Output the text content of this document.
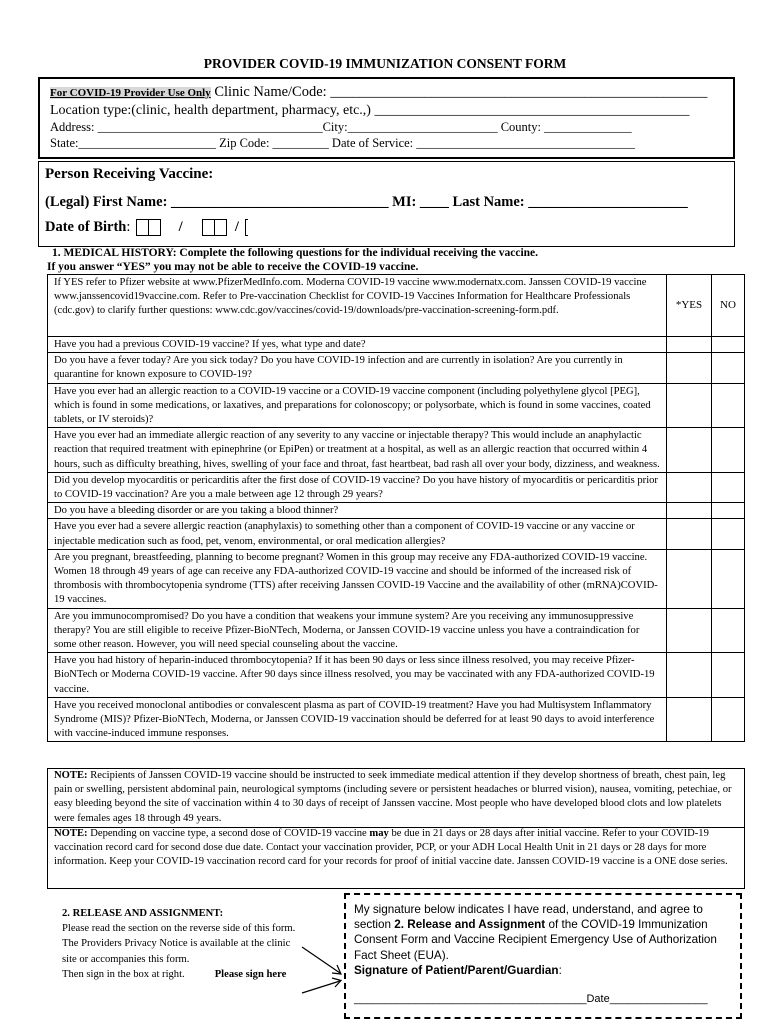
PROVIDER COVID-19 IMMUNIZATION CONSENT FORM
For COVID-19 Provider Use Only Clinic Name/Code: ____________________________________________________
Location type:(clinic, health department, pharmacy, etc.,) _____________________________________________
Address: ____________________________________City:________________________ County: ______________
State:______________________ Zip Code: _________ Date of Service: ___________________________________
Person Receiving Vaccine:
(Legal) First Name: ______________________________ MI: ____ Last Name: ______________________
Date of Birth:	/	/
1. MEDICAL HISTORY: Complete the following questions for the individual receiving the vaccine.
If you answer “YES” you may not be able to receive the COVID-19 vaccine.
If YES refer to Pfizer website at www.PfizerMedInfo.com. Moderna COVID-19 vaccine www.modernatx.com. Janssen COVID-19 vaccine www.janssencovid19vaccine.com. Refer to Pre-vaccination Checklist for COVID-19 Vaccines Information for Healthcare Professionals (cdc.gov) to clarify further questions: www.cdc.gov/vaccines/covid-19/downloads/pre-vaccination-screening-form.pdf.	*YES	NO
Have you had a previous COVID-19 vaccine? If yes, what type and date?		
Do you have a fever today? Are you sick today? Do you have COVID-19 infection and are currently in isolation? Are you currently in quarantine for known exposure to COVID-19?		
Have you ever had an allergic reaction to a COVID-19 vaccine or a COVID-19 vaccine component (including polyethylene glycol [PEG], which is found in some medications, or laxatives, and preparations for colonoscopy; or polysorbate, which is found in some vaccines, coated tablets, or IV steroids)?		
Have you ever had an immediate allergic reaction of any severity to any vaccine or injectable therapy? This would include an anaphylactic reaction that required treatment with epinephrine (or EpiPen) or treatment at a hospital, as well as an allergic reaction that occurred within 4 hours, such as difficulty breathing, hives, swelling of your face and throat, fast heartbeat, bad rash all over your body, dizziness, and weakness.		
Did you develop myocarditis or pericarditis after the first dose of COVID-19 vaccine? Do you have history of myocarditis or pericarditis prior to COVID-19 vaccination? Are you a male between age 12 through 29 years?		
Do you have a bleeding disorder or are you taking a blood thinner?		
Have you ever had a severe allergic reaction (anaphylaxis) to something other than a component of COVID-19 vaccine or any vaccine or injectable medication such as food, pet, venom, environmental, or oral medication allergies?		
Are you pregnant, breastfeeding, planning to become pregnant? Women in this group may receive any FDA-authorized COVID-19 vaccine. Women 18 through 49 years of age can receive any FDA-authorized COVID-19 vaccine and should be informed of the increased risk of thrombosis with thrombocytopenia syndrome (TTS) after receiving Janssen COVID-19 Vaccine and the availability of other (mRNA)COVID-19 vaccines.		
Are you immunocompromised? Do you have a condition that weakens your immune system? Are you receiving any immunosuppressive therapy? You are still eligible to receive Pfizer-BioNTech, Moderna, or Janssen COVID-19 vaccine unless you have a contraindication for some other reason. However, you will need special counseling about the vaccine.		
Have you had history of heparin-induced thrombocytopenia? If it has been 90 days or less since illness resolved, you may receive Pfizer-BioNTech or Moderna COVID-19 vaccine. After 90 days since illness resolved, you may be vaccinated with any FDA-authorized COVID-19 vaccine.		
Have you received monoclonal antibodies or convalescent plasma as part of COVID-19 treatment? Have you had Multisystem Inflammatory Syndrome (MIS)? Pfizer-BioNTech, Moderna, or Janssen COVID-19 vaccination should be deferred for at least 90 days to avoid interference with vaccine-induced immune responses.		
NOTE: Recipients of Janssen COVID-19 vaccine should be instructed to seek immediate medical attention if they develop shortness of breath, chest pain, leg pain or swelling, persistent abdominal pain, neurological symptoms (including severe or persistent headaches or blurred vision), nausea, vomiting, petechiae, or easy bleeding beyond the site of vaccination within 4 to 30 days of receipt of Janssen vaccine. Most people who have developed blood clots and low platelets were females ages 18 through 49 years.
NOTE: Depending on vaccine type, a second dose of COVID-19 vaccine may be due in 21 days or 28 days after initial vaccine. Refer to your COVID-19 vaccination record card for second dose due date. Contact your vaccination provider, PCP, or your ADH Local Health Unit in 21 days or 28 days for more information. Keep your COVID-19 vaccination record card for your records for proof of initial vaccine date. Janssen COVID-19 vaccine is a ONE dose series.
2. RELEASE AND ASSIGNMENT:
Please read the section on the reverse side of this form.
The Providers Privacy Notice is available at the clinic
site or accompanies this form.
Then sign in the box at right.	Please sign here
My signature below indicates I have read, understand, and agree to section 2. Release and Assignment of the COVID-19 Immunization Consent Form and Vaccine Recipient Emergency Use of Authorization Fact Sheet (EUA).
Signature of Patient/Parent/Guardian:
______________________________________Date________________
